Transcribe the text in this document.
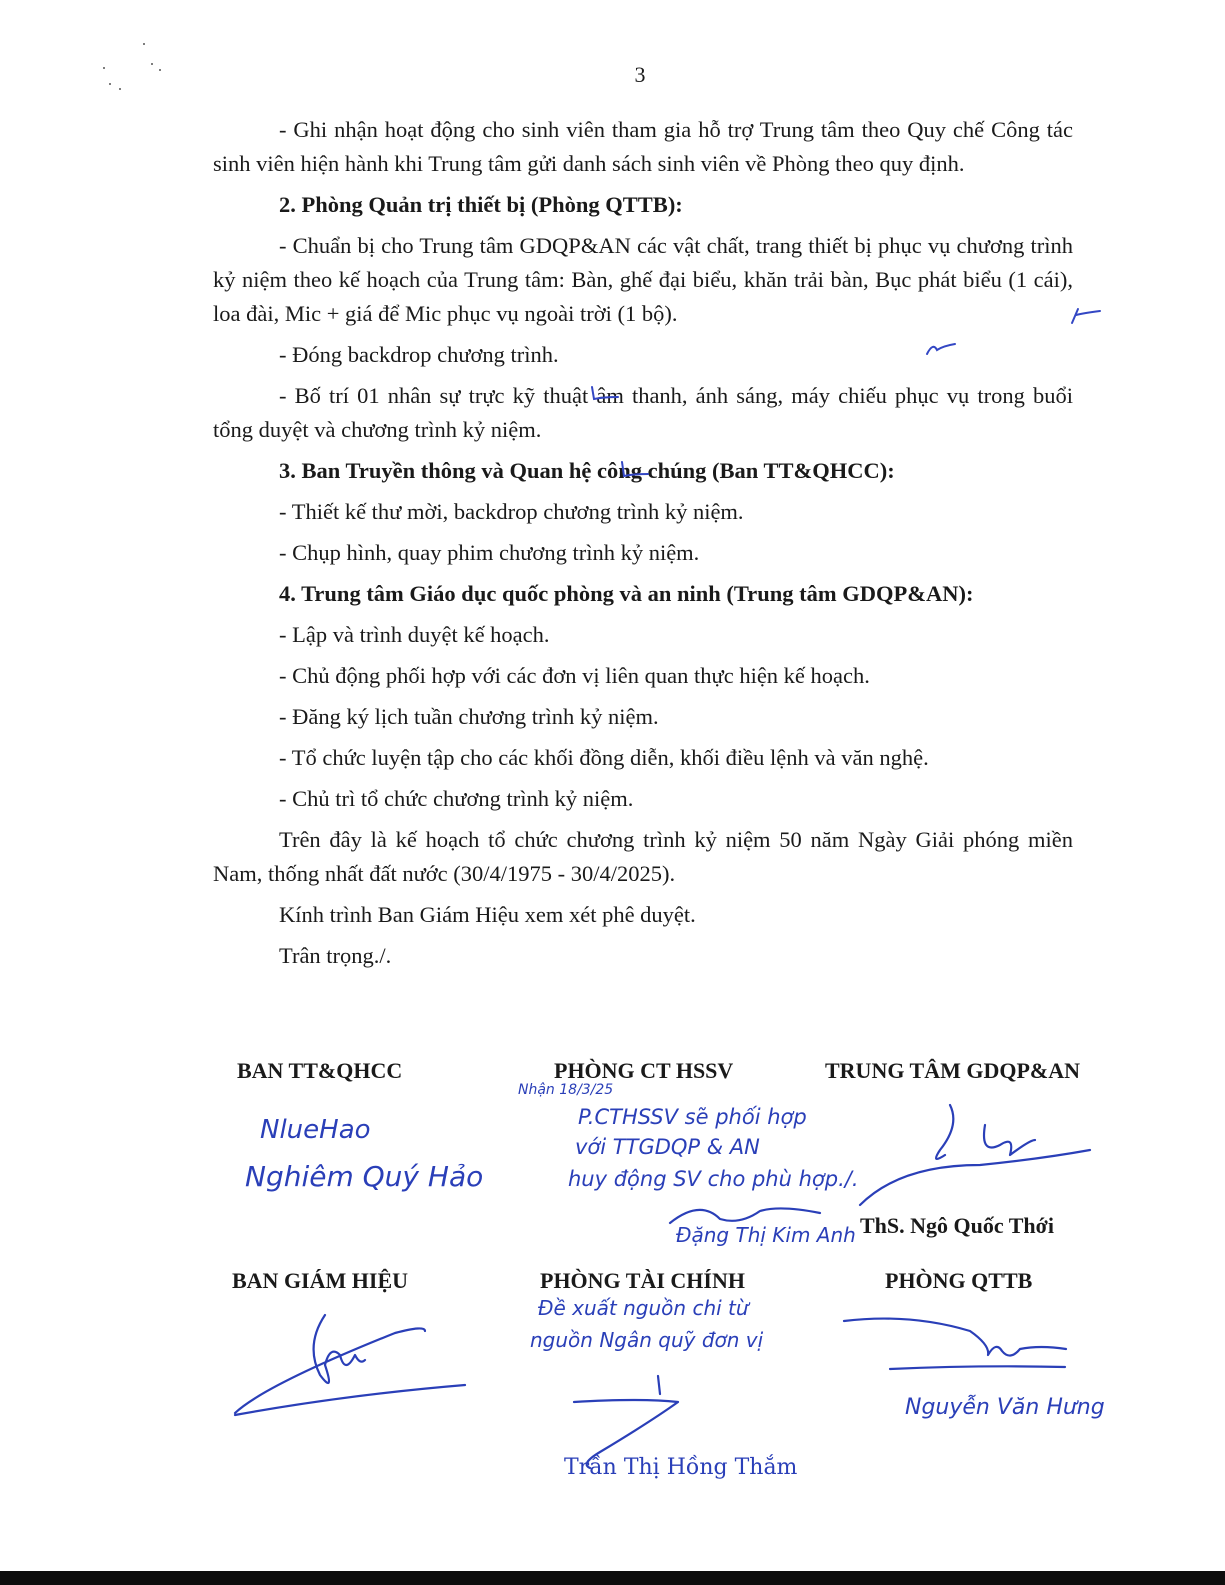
3

- Ghi nhận hoạt động cho sinh viên tham gia hỗ trợ Trung tâm theo Quy chế Công tác sinh viên hiện hành khi Trung tâm gửi danh sách sinh viên về Phòng theo quy định.

2. Phòng Quản trị thiết bị (Phòng QTTB):

- Chuẩn bị cho Trung tâm GDQP&AN các vật chất, trang thiết bị phục vụ chương trình kỷ niệm theo kế hoạch của Trung tâm: Bàn, ghế đại biểu, khăn trải bàn, Bục phát biểu (1 cái), loa đài, Mic + giá để Mic phục vụ ngoài trời (1 bộ).

- Đóng backdrop chương trình.

- Bố trí 01 nhân sự trực kỹ thuật âm thanh, ánh sáng, máy chiếu phục vụ trong buổi tổng duyệt và chương trình kỷ niệm.

3. Ban Truyền thông và Quan hệ công chúng (Ban TT&QHCC):

- Thiết kế thư mời, backdrop chương trình kỷ niệm.

- Chụp hình, quay phim chương trình kỷ niệm.

4. Trung tâm Giáo dục quốc phòng và an ninh (Trung tâm GDQP&AN):

- Lập và trình duyệt kế hoạch.

- Chủ động phối hợp với các đơn vị liên quan thực hiện kế hoạch.

- Đăng ký lịch tuần chương trình kỷ niệm.

- Tổ chức luyện tập cho các khối đồng diễn, khối điều lệnh và văn nghệ.

- Chủ trì tổ chức chương trình kỷ niệm.

Trên đây là kế hoạch tổ chức chương trình kỷ niệm 50 năm Ngày Giải phóng miền Nam, thống nhất đất nước (30/4/1975 - 30/4/2025).

Kính trình Ban Giám Hiệu xem xét phê duyệt.

Trân trọng./.

BAN TT&QHCC
NlueHao
Nghiêm Quý Hảo
PHÒNG CT HSSV
Nhận 18/3/25
P.CTHSSV sẽ phối hợp
với TTGDQP & AN
huy động SV cho phù hợp./.
Đặng Thị Kim Anh
TRUNG TÂM GDQP&AN
ThS. Ngô Quốc Thới
BAN GIÁM HIỆU	PHÒNG TÀI CHÍNH
Đề xuất nguồn chi từ
nguồn Ngân quỹ đơn vị
Trần Thị Hồng Thắm
PHÒNG QTTB
Nguyễn Văn Hưng
